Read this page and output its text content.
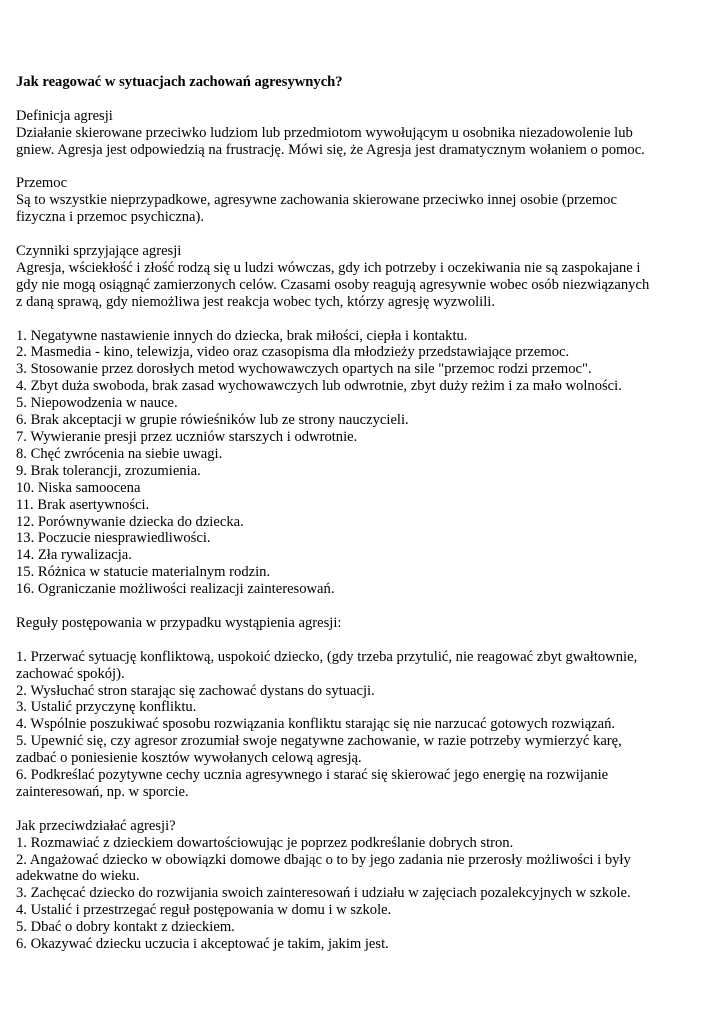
Jak reagować w sytuacjach zachowań agresywnych?
Definicja agresji
Działanie skierowane przeciwko ludziom lub przedmiotom wywołującym u osobnika niezadowolenie lub
gniew. Agresja jest odpowiedzią na frustrację. Mówi się, że Agresja jest dramatycznym wołaniem o pomoc.
Przemoc
Są to wszystkie nieprzypadkowe, agresywne zachowania skierowane przeciwko innej osobie (przemoc
fizyczna i przemoc psychiczna).
Czynniki sprzyjające agresji
Agresja, wściekłość i złość rodzą się u ludzi wówczas, gdy ich potrzeby i oczekiwania nie są zaspokajane i
gdy nie mogą osiągnąć zamierzonych celów. Czasami osoby reagują agresywnie wobec osób niezwiązanych
z daną sprawą, gdy niemożliwa jest reakcja wobec tych, którzy agresję wyzwolili.
1. Negatywne nastawienie innych do dziecka, brak miłości, ciepła i kontaktu.
2. Masmedia - kino, telewizja, video oraz czasopisma dla młodzieży przedstawiające przemoc.
3. Stosowanie przez dorosłych metod wychowawczych opartych na sile "przemoc rodzi przemoc".
4. Zbyt duża swoboda, brak zasad wychowawczych lub odwrotnie, zbyt duży reżim i za mało wolności.
5. Niepowodzenia w nauce.
6. Brak akceptacji w grupie rówieśników lub ze strony nauczycieli.
7. Wywieranie presji przez uczniów starszych i odwrotnie.
8. Chęć zwrócenia na siebie uwagi.
9. Brak tolerancji, zrozumienia.
10. Niska samoocena
11. Brak asertywności.
12. Porównywanie dziecka do dziecka.
13. Poczucie niesprawiedliwości.
14. Zła rywalizacja.
15. Różnica w statucie materialnym rodzin.
16. Ograniczanie możliwości realizacji zainteresowań.
Reguły postępowania w przypadku wystąpienia agresji:
1. Przerwać sytuację konfliktową, uspokoić dziecko, (gdy trzeba przytulić, nie reagować zbyt gwałtownie,
zachować spokój).
2. Wysłuchać stron starając się zachować dystans do sytuacji.
3. Ustalić przyczynę konfliktu.
4. Wspólnie poszukiwać sposobu rozwiązania konfliktu starając się nie narzucać gotowych rozwiązań.
5. Upewnić się, czy agresor zrozumiał swoje negatywne zachowanie, w razie potrzeby wymierzyć karę,
zadbać o poniesienie kosztów wywołanych celową agresją.
6. Podkreślać pozytywne cechy ucznia agresywnego i starać się skierować jego energię na rozwijanie
zainteresowań, np. w sporcie.
Jak przeciwdziałać agresji?
1. Rozmawiać z dzieckiem dowartościowując je poprzez podkreślanie dobrych stron.
2. Angażować dziecko w obowiązki domowe dbając o to by jego zadania nie przerosły możliwości i były
adekwatne do wieku.
3. Zachęcać dziecko do rozwijania swoich zainteresowań i udziału w zajęciach pozalekcyjnych w szkole.
4. Ustalić i przestrzegać reguł postępowania w domu i w szkole.
5. Dbać o dobry kontakt z dzieckiem.
6. Okazywać dziecku uczucia i akceptować je takim, jakim jest.
